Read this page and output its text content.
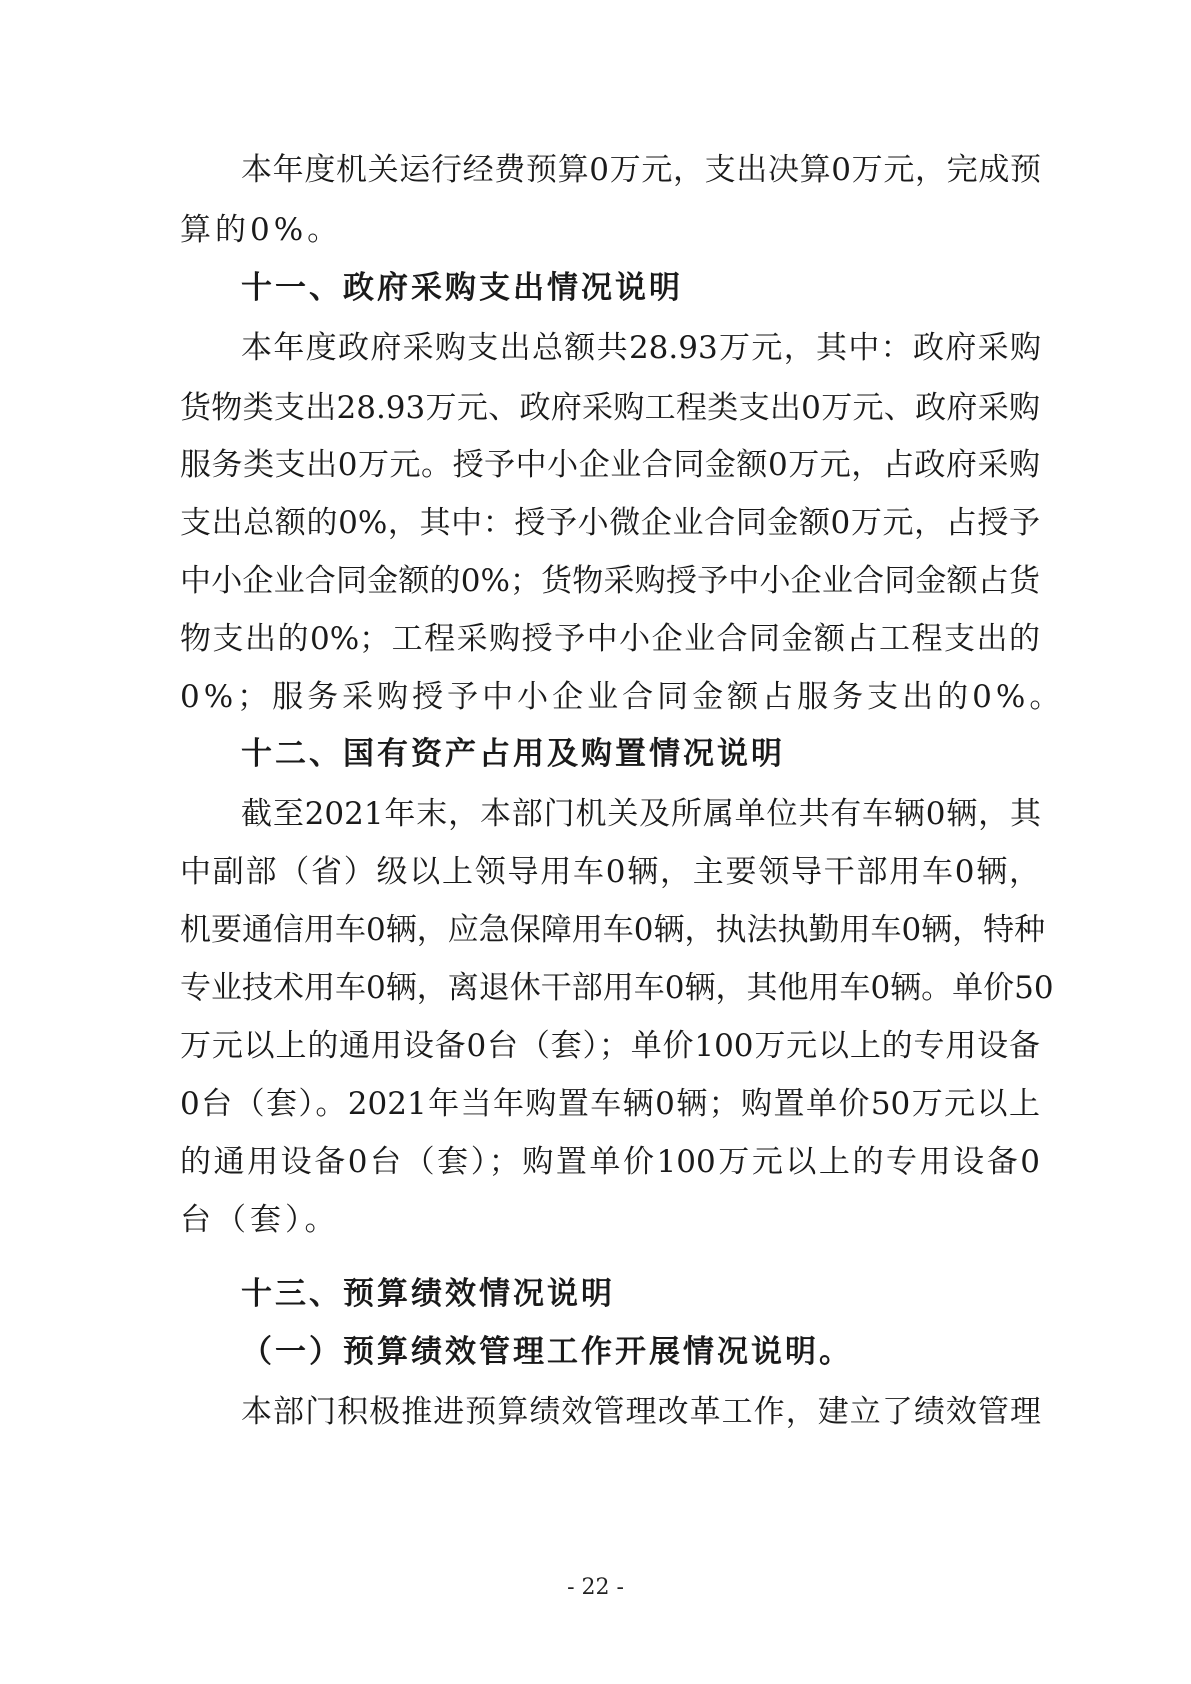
本年度机关运行经费预算0万元，支出决算0万元，完成预
算的0%。
十一、政府采购支出情况说明
本年度政府采购支出总额共28.93万元，其中：政府采购
货物类支出28.93万元、政府采购工程类支出0万元、政府采购
服务类支出0万元。授予中小企业合同金额0万元，占政府采购
支出总额的0%，其中：授予小微企业合同金额0万元，占授予
中小企业合同金额的0%；货物采购授予中小企业合同金额占货
物支出的0%；工程采购授予中小企业合同金额占工程支出的
0%；服务采购授予中小企业合同金额占服务支出的0%。
十二、国有资产占用及购置情况说明
截至2021年末，本部门机关及所属单位共有车辆0辆，其
中副部（省）级以上领导用车0辆，主要领导干部用车0辆，
机要通信用车0辆，应急保障用车0辆，执法执勤用车0辆，特种
专业技术用车0辆，离退休干部用车0辆，其他用车0辆。单价50
万元以上的通用设备0台（套）；单价100万元以上的专用设备
0台（套）。2021年当年购置车辆0辆；购置单价50万元以上
的通用设备0台（套）；购置单价100万元以上的专用设备0
台（套）。
十三、预算绩效情况说明
（一）预算绩效管理工作开展情况说明。
本部门积极推进预算绩效管理改革工作，建立了绩效管理
- 22 -
